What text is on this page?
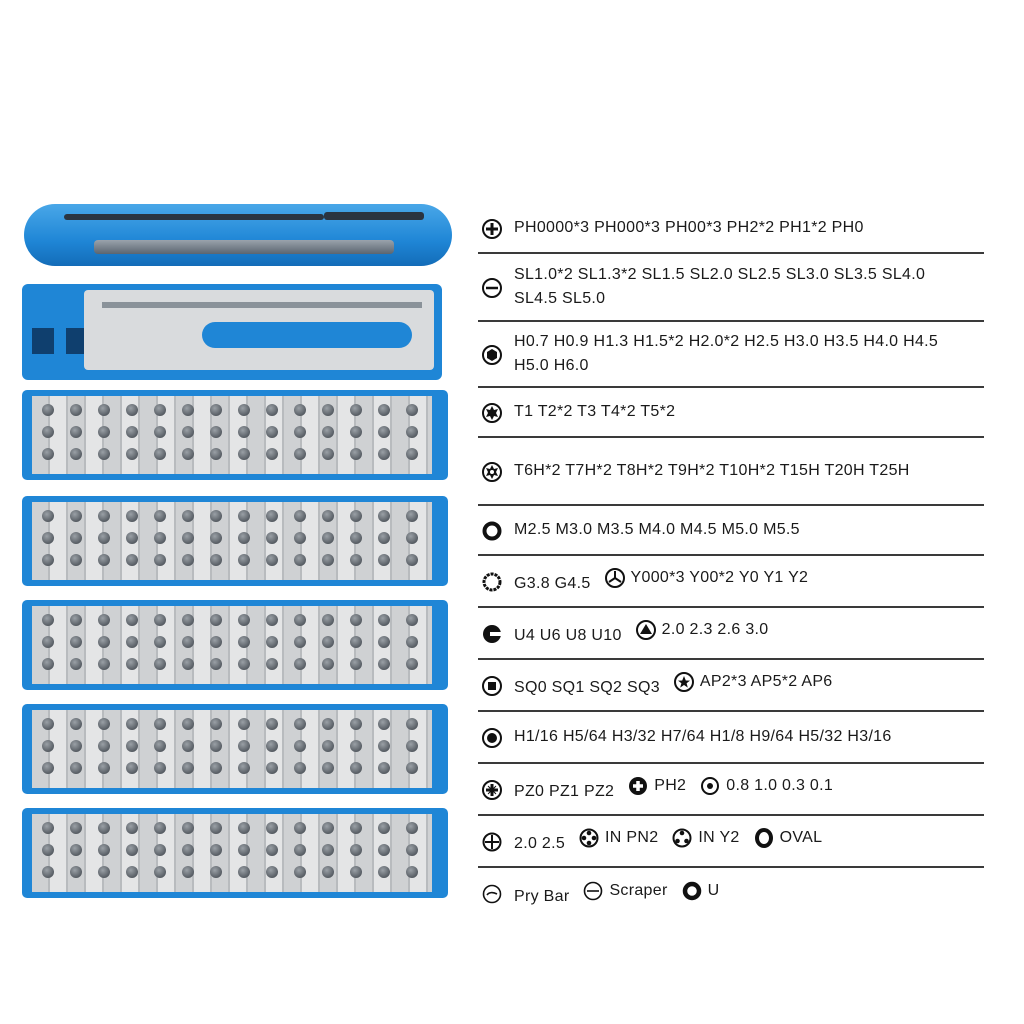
PH0000*3 PH000*3 PH00*3 PH2*2 PH1*2 PH0
SL1.0*2 SL1.3*2 SL1.5 SL2.0 SL2.5 SL3.0 SL3.5 SL4.0 SL4.5 SL5.0
H0.7 H0.9 H1.3 H1.5*2 H2.0*2 H2.5 H3.0 H3.5 H4.0 H4.5 H5.0 H6.0
T1 T2*2 T3 T4*2 T5*2
T6H*2 T7H*2 T8H*2 T9H*2 T10H*2 T15H T20H T25H
M2.5 M3.0 M3.5 M4.0 M4.5 M5.0 M5.5
G3.8 G4.5	Y000*3 Y00*2 Y0 Y1 Y2
U4 U6 U8 U10	2.0 2.3 2.6 3.0
SQ0 SQ1 SQ2 SQ3	AP2*3 AP5*2 AP6
H1/16 H5/64 H3/32 H7/64 H1/8 H9/64 H5/32 H3/16
PZ0 PZ1 PZ2	PH2	0.8 1.0 0.3 0.1
2.0 2.5	IN PN2	IN Y2	OVAL
Pry Bar	Scraper	U
